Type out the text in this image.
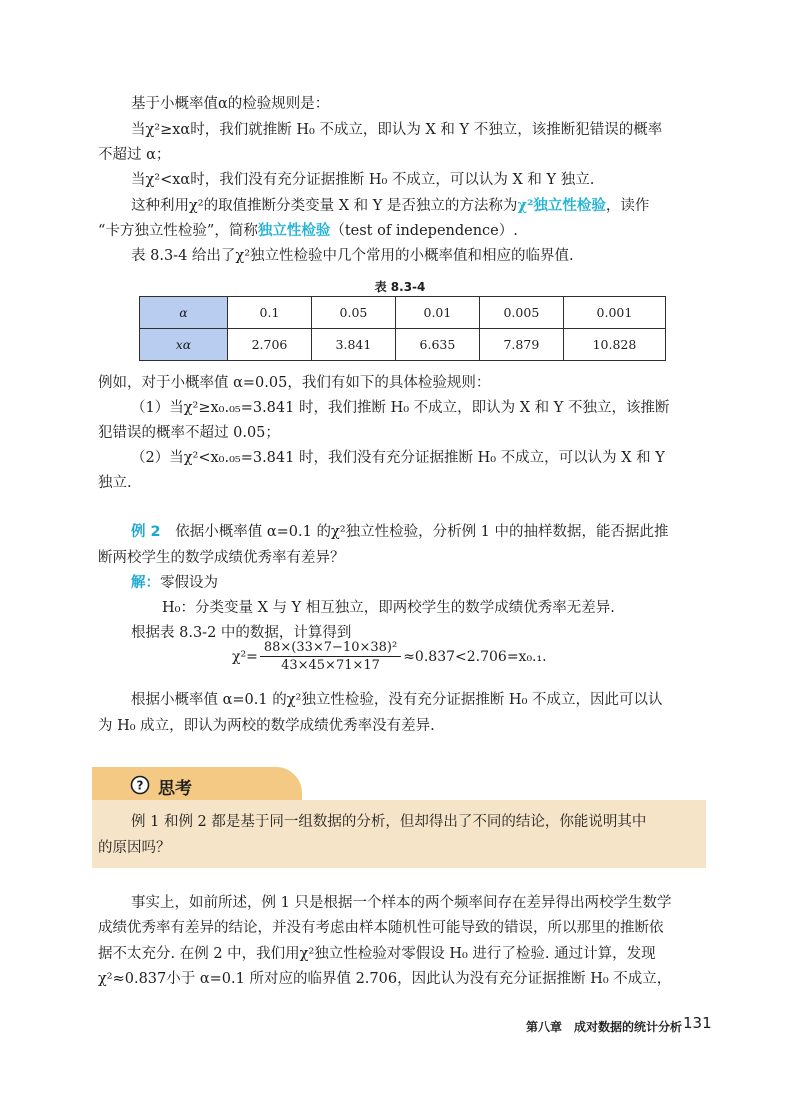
基于小概率值α的检验规则是：
当χ²≥xα时，我们就推断 H₀ 不成立，即认为 X 和 Y 不独立，该推断犯错误的概率
不超过 α；
当χ²<xα时，我们没有充分证据推断 H₀ 不成立，可以认为 X 和 Y 独立.
这种利用χ²的取值推断分类变量 X 和 Y 是否独立的方法称为χ²独立性检验，读作
“卡方独立性检验”，简称独立性检验（test of independence）.
表 8.3-4 给出了χ²独立性检验中几个常用的小概率值和相应的临界值.
表 8.3-4
α	0.1	0.05	0.01	0.005	0.001
xα	2.706	3.841	6.635	7.879	10.828
例如，对于小概率值 α=0.05，我们有如下的具体检验规则：
（1）当χ²≥x₀.₀₅=3.841 时，我们推断 H₀ 不成立，即认为 X 和 Y 不独立，该推断
犯错误的概率不超过 0.05；
（2）当χ²<x₀.₀₅=3.841 时，我们没有充分证据推断 H₀ 不成立，可以认为 X 和 Y
独立.
例 2 依据小概率值 α=0.1 的χ²独立性检验，分析例 1 中的抽样数据，能否据此推
断两校学生的数学成绩优秀率有差异？
解：零假设为
H₀：分类变量 X 与 Y 相互独立，即两校学生的数学成绩优秀率无差异.
根据表 8.3-2 中的数据，计算得到
$\chi^2= \frac{\text{88×(33×7−10×38)²}}{43\times 45\times 71\times 17} \approx 0.837<2.706=x_0._1$.
根据小概率值 α=0.1 的χ²独立性检验，没有充分证据推断 H₀ 不成立，因此可以认
为 H₀ 成立，即认为两校的数学成绩优秀率没有差异.
? 思考
例 1 和例 2 都是基于同一组数据的分析，但却得出了不同的结论，你能说明其中
的原因吗？
事实上，如前所述，例 1 只是根据一个样本的两个频率间存在差异得出两校学生数学
成绩优秀率有差异的结论，并没有考虑由样本随机性可能导致的错误，所以那里的推断依
据不太充分. 在例 2 中，我们用χ²独立性检验对零假设 H₀ 进行了检验. 通过计算，发现
χ²≈0.837小于 α=0.1 所对应的临界值 2.706，因此认为没有充分证据推断 H₀ 不成立，
第八章　成对数据的统计分析 131
